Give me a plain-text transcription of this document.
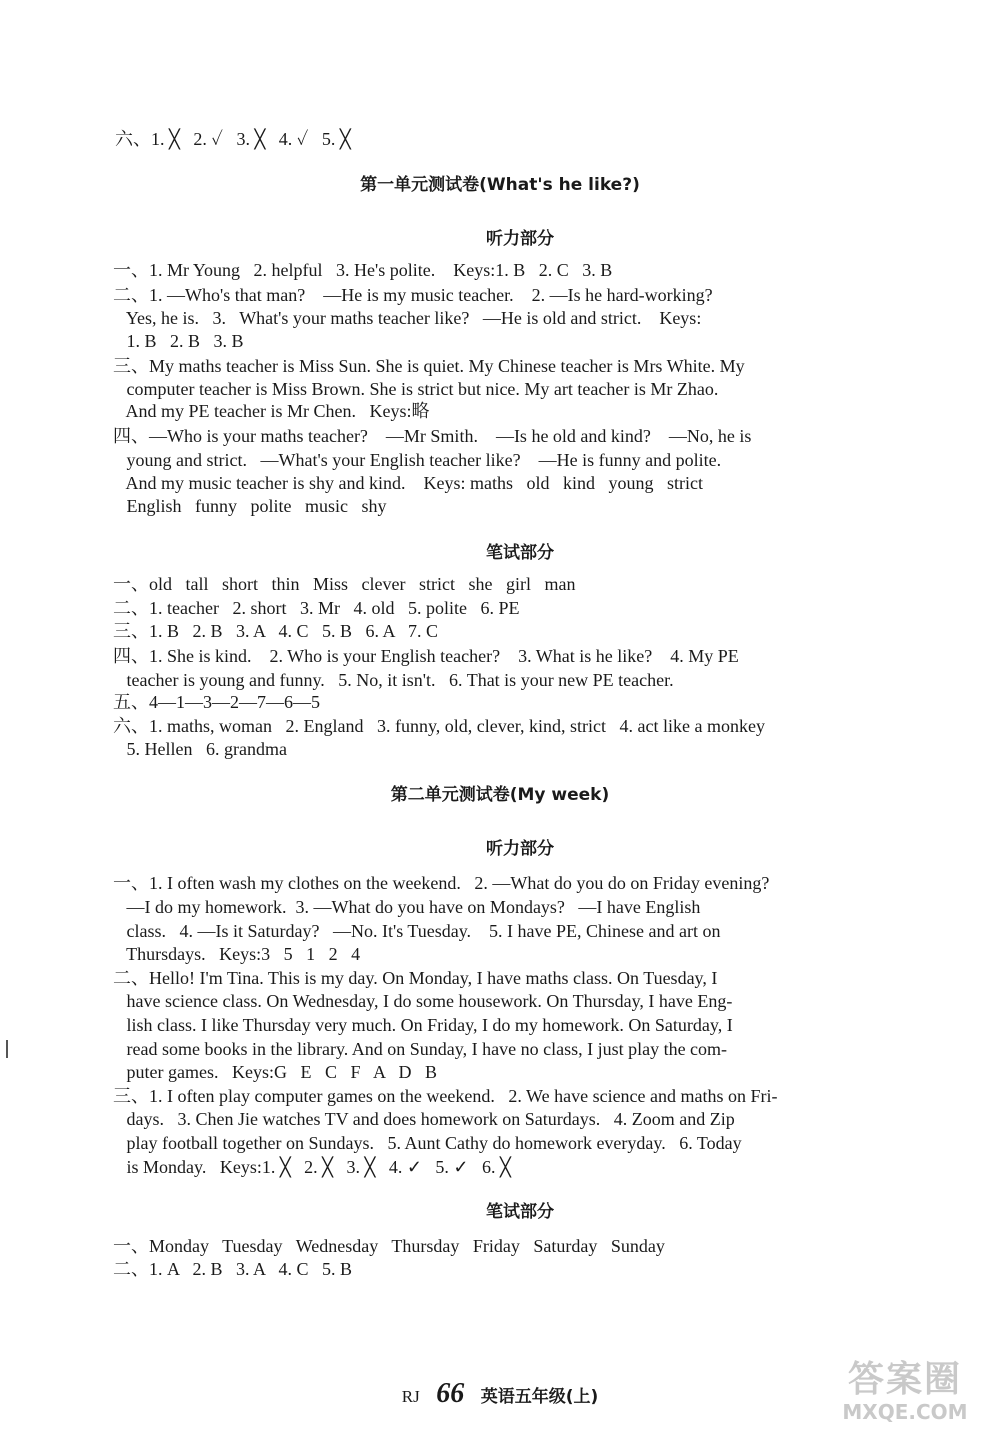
六、1. ╳   2. ✓   3. ╳   4. ✓   5. ╳
第一单元测试卷(What's he like?)
听力部分
一、1. Mr Young   2. helpful   3. He's polite.    Keys:1. B   2. C   3. B
二、1. —Who's that man?    —He is my music teacher.    2. —Is he hard-working?
Yes, he is.   3.   What's your maths teacher like?   —He is old and strict.    Keys:
1. B   2. B   3. B
三、My maths teacher is Miss Sun. She is quiet. My Chinese teacher is Mrs White. My
computer teacher is Miss Brown. She is strict but nice. My art teacher is Mr Zhao.
And my PE teacher is Mr Chen.   Keys:略
四、—Who is your maths teacher?    —Mr Smith.    —Is he old and kind?    —No, he is
young and strict.   —What's your English teacher like?    —He is funny and polite.
And my music teacher is shy and kind.    Keys: maths   old   kind   young   strict
English   funny   polite   music   shy
笔试部分
一、old   tall   short   thin   Miss   clever   strict   she   girl   man
二、1. teacher   2. short   3. Mr   4. old   5. polite   6. PE
三、1. B   2. B   3. A   4. C   5. B   6. A   7. C
四、1. She is kind.    2. Who is your English teacher?    3. What is he like?    4. My PE
teacher is young and funny.   5. No, it isn't.   6. That is your new PE teacher.
五、4—1—3—2—7—6—5
六、1. maths, woman   2. England   3. funny, old, clever, kind, strict   4. act like a monkey
5. Hellen   6. grandma
第二单元测试卷(My week)
听力部分
一、1. I often wash my clothes on the weekend.   2. —What do you do on Friday evening?
—I do my homework.  3. —What do you have on Mondays?   —I have English
class.   4. —Is it Saturday?   —No. It's Tuesday.    5. I have PE, Chinese and art on
Thursdays.   Keys:3   5   1   2   4
二、Hello! I'm Tina. This is my day. On Monday, I have maths class. On Tuesday, I
have science class. On Wednesday, I do some housework. On Thursday, I have Eng-
lish class. I like Thursday very much. On Friday, I do my homework. On Saturday, I
read some books in the library. And on Sunday, I have no class, I just play the com-
puter games.   Keys:G   E   C   F   A   D   B
三、1. I often play computer games on the weekend.   2. We have science and maths on Fri-
days.   3. Chen Jie watches TV and does homework on Saturdays.   4. Zoom and Zip
play football together on Sundays.   5. Aunt Cathy do homework everyday.   6. Today
is Monday.   Keys:1. ╳   2. ╳   3. ╳   4. ✓   5. ✓   6. ╳
笔试部分
一、Monday   Tuesday   Wednesday   Thursday   Friday   Saturday   Sunday
二、1. A   2. B   3. A   4. C   5. B
RJ 66 英语五年级(上)	答案圈
MXQE.COM
